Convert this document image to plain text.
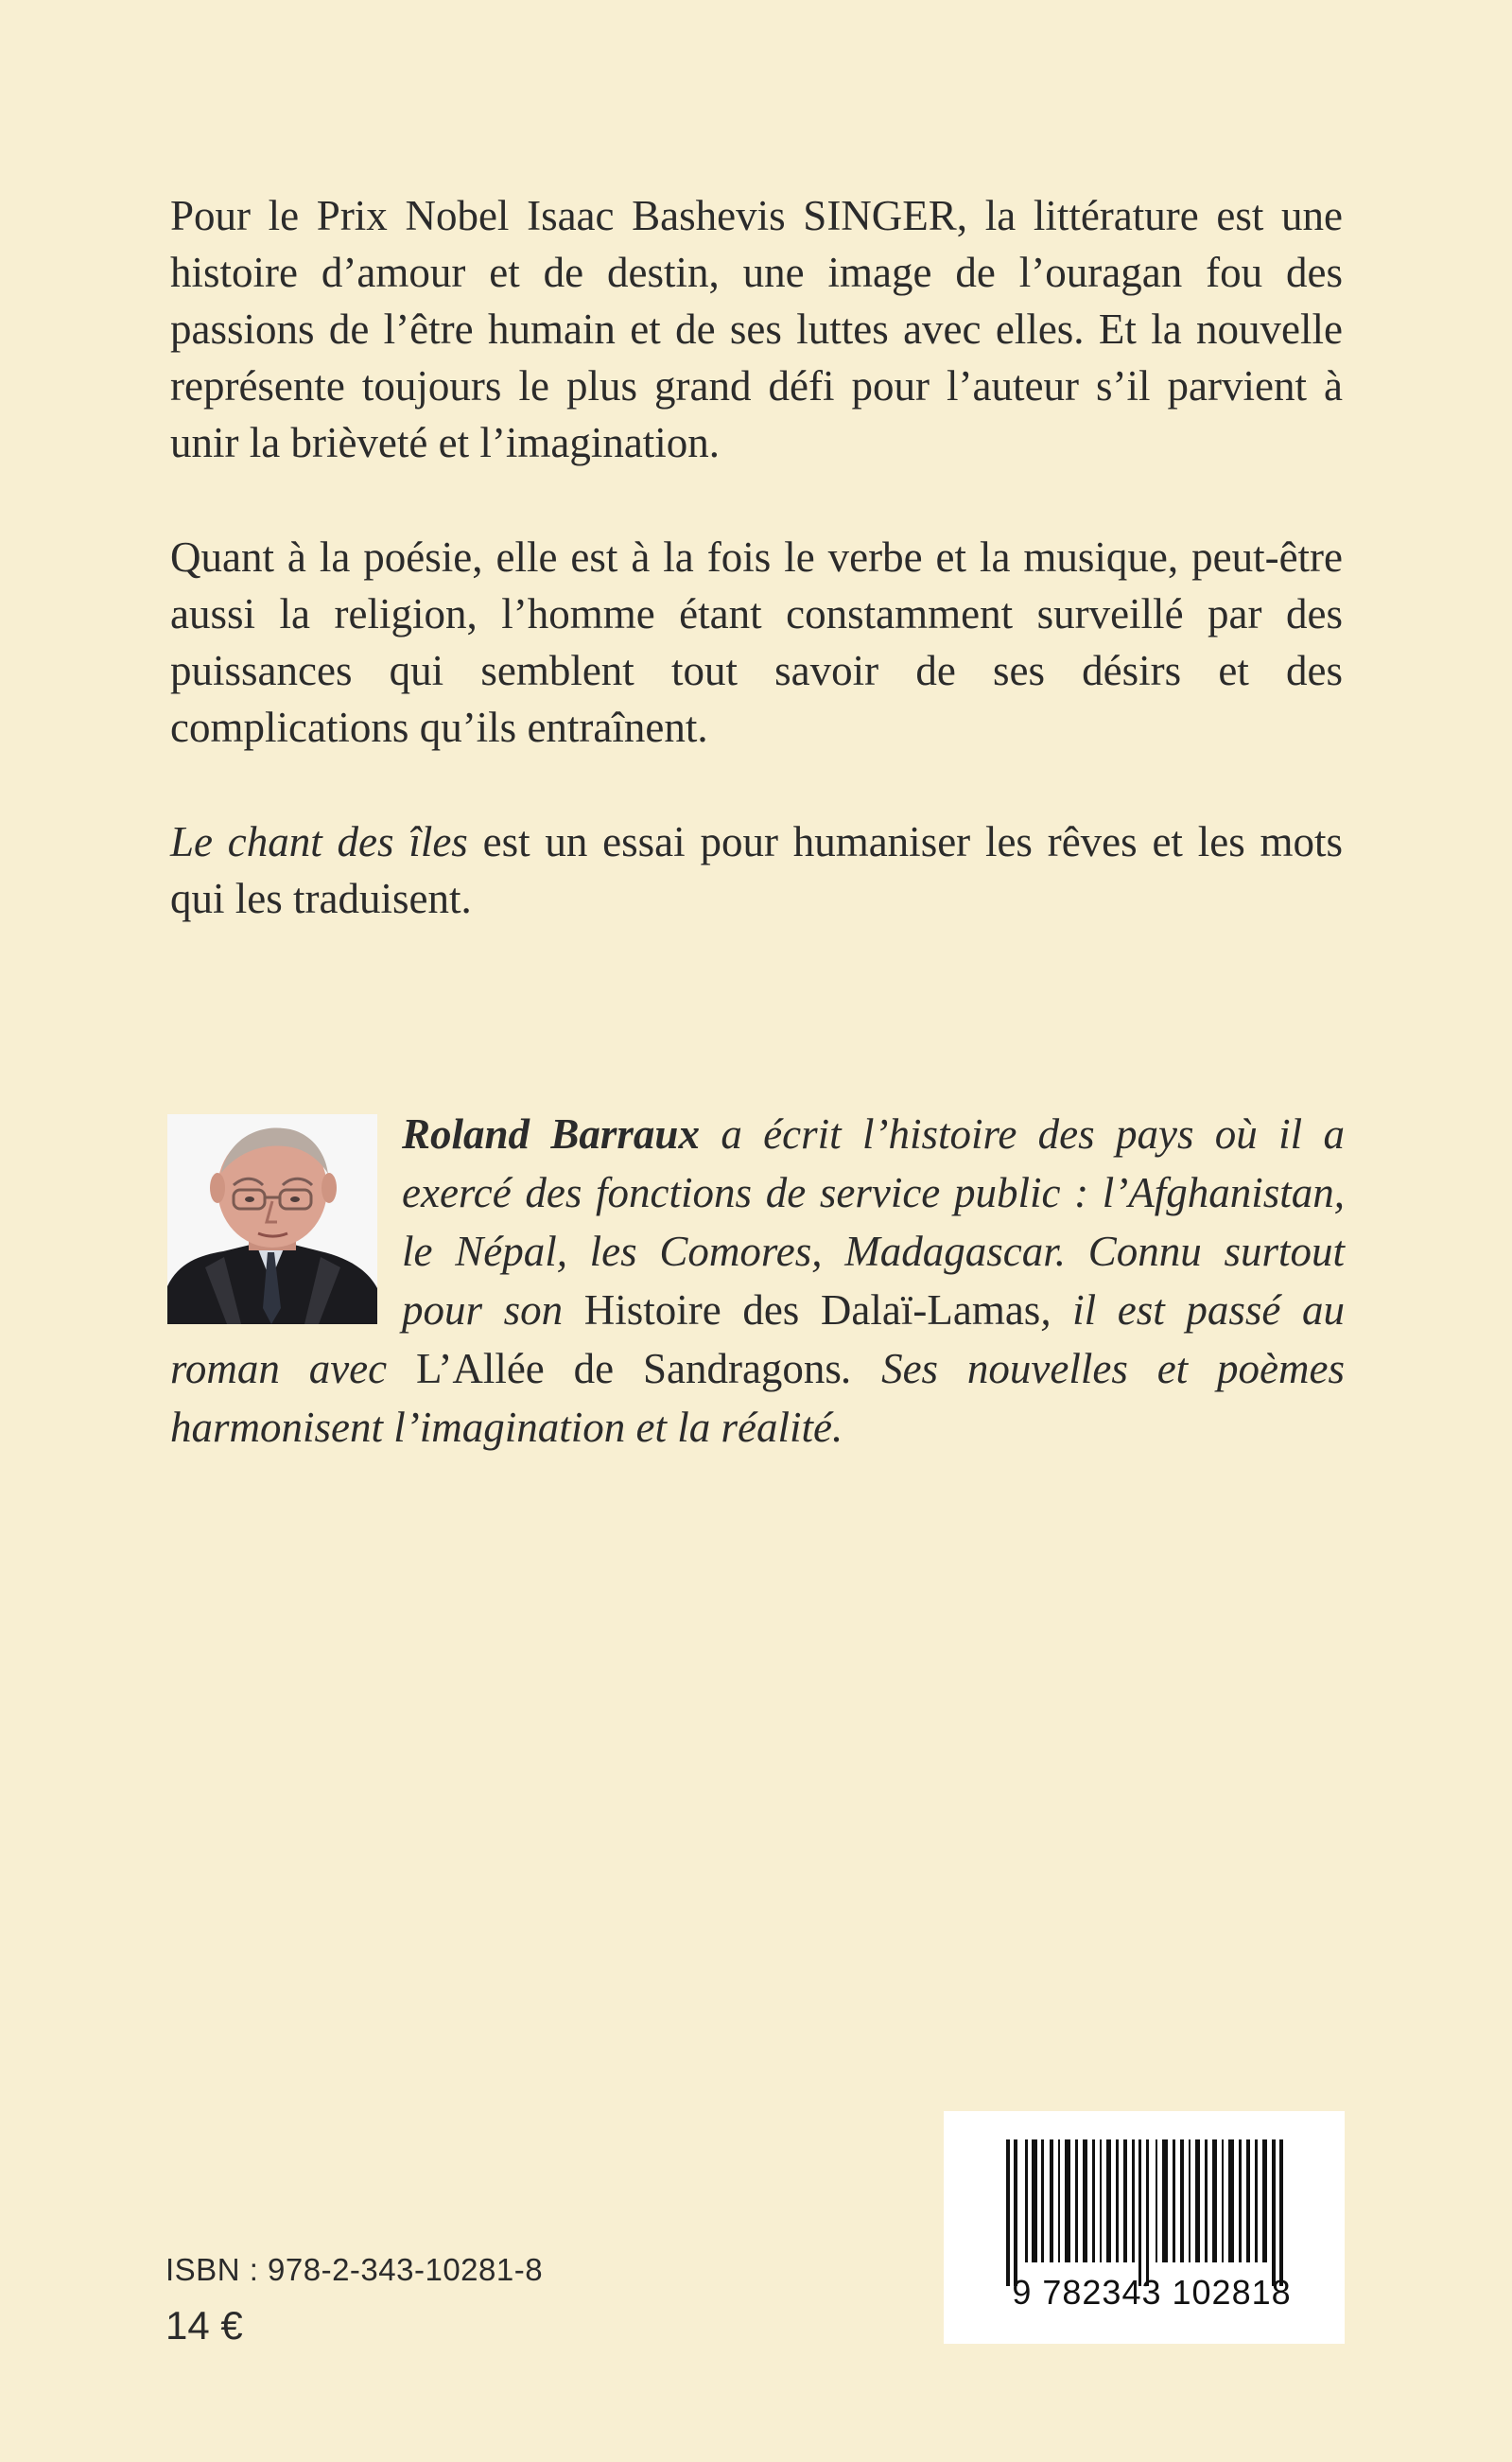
Pour le Prix Nobel Isaac Bashevis SINGER, la littérature est une histoire d’amour et de destin, une image de l’ouragan fou des passions de l’être humain et de ses luttes avec elles. Et la nouvelle représente toujours le plus grand défi pour l’auteur s’il parvient à unir la brièveté et l’imagination.

Quant à la poésie, elle est à la fois le verbe et la musique, peut-être aussi la religion, l’homme étant constamment surveillé par des puissances qui semblent tout savoir de ses désirs et des complications qu’ils entraînent.

Le chant des îles est un essai pour humaniser les rêves et les mots qui les traduisent.

Roland Barraux a écrit l’histoire des pays où il a exercé des fonctions de service public : l’Afghanistan, le Népal, les Comores, Madagascar. Connu surtout pour son Histoire des Dalaï-Lamas, il est passé au roman avec L’Allée de Sandragons. Ses nouvelles et poèmes harmonisent l’imagination et la réalité.

ISBN : 978-2-343-10281-8
14 €
9 782343 102818
